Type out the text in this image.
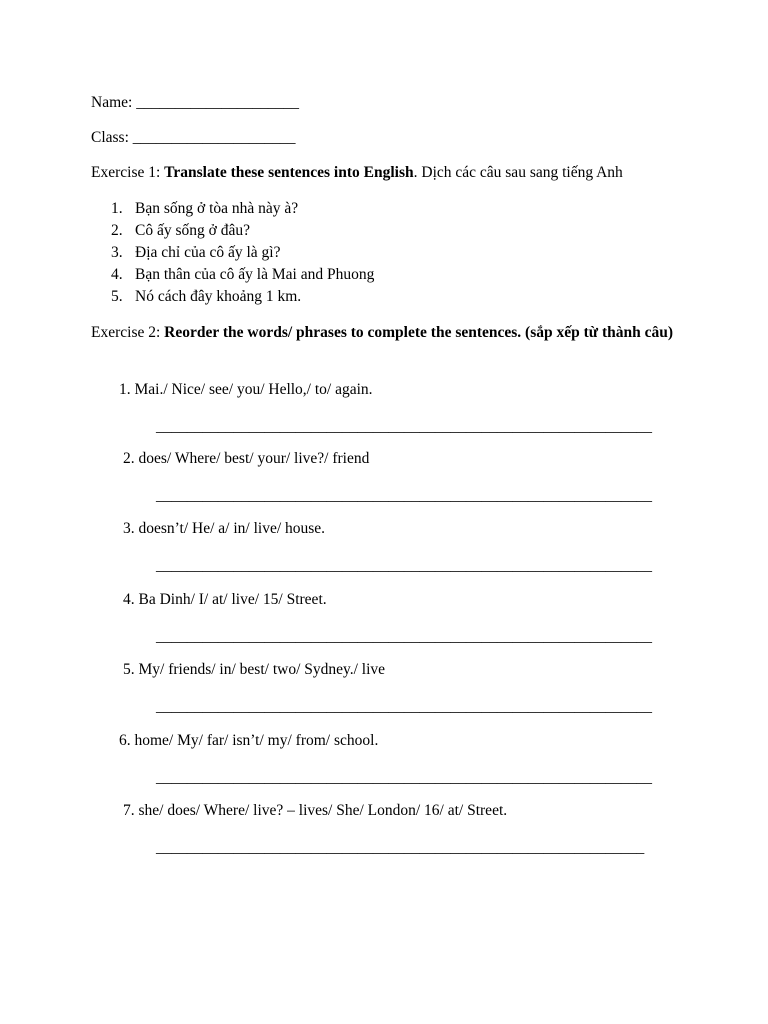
Name: _____________________
Class: _____________________
Exercise 1: Translate these sentences into English. Dịch các câu sau sang tiếng Anh
1. Bạn sống ở tòa nhà này à?
2. Cô ấy sống ở đâu?
3. Địa chỉ của cô ấy là gì?
4. Bạn thân của cô ấy là Mai and Phuong
5. Nó cách đây khoảng 1 km.
Exercise 2: Reorder the words/ phrases to complete the sentences. (sắp xếp từ thành câu)
1. Mai./ Nice/ see/ you/ Hello,/ to/ again.
________________________________________________________________
2. does/ Where/ best/ your/ live?/ friend
________________________________________________________________
3. doesn’t/ He/ a/ in/ live/ house.
________________________________________________________________
4. Ba Dinh/ I/ at/ live/ 15/ Street.
________________________________________________________________
5. My/ friends/ in/ best/ two/ Sydney./ live
________________________________________________________________
6. home/ My/ far/ isn’t/ my/ from/ school.
________________________________________________________________
7. she/ does/ Where/ live? – lives/ She/ London/ 16/ at/ Street.
_______________________________________________________________
